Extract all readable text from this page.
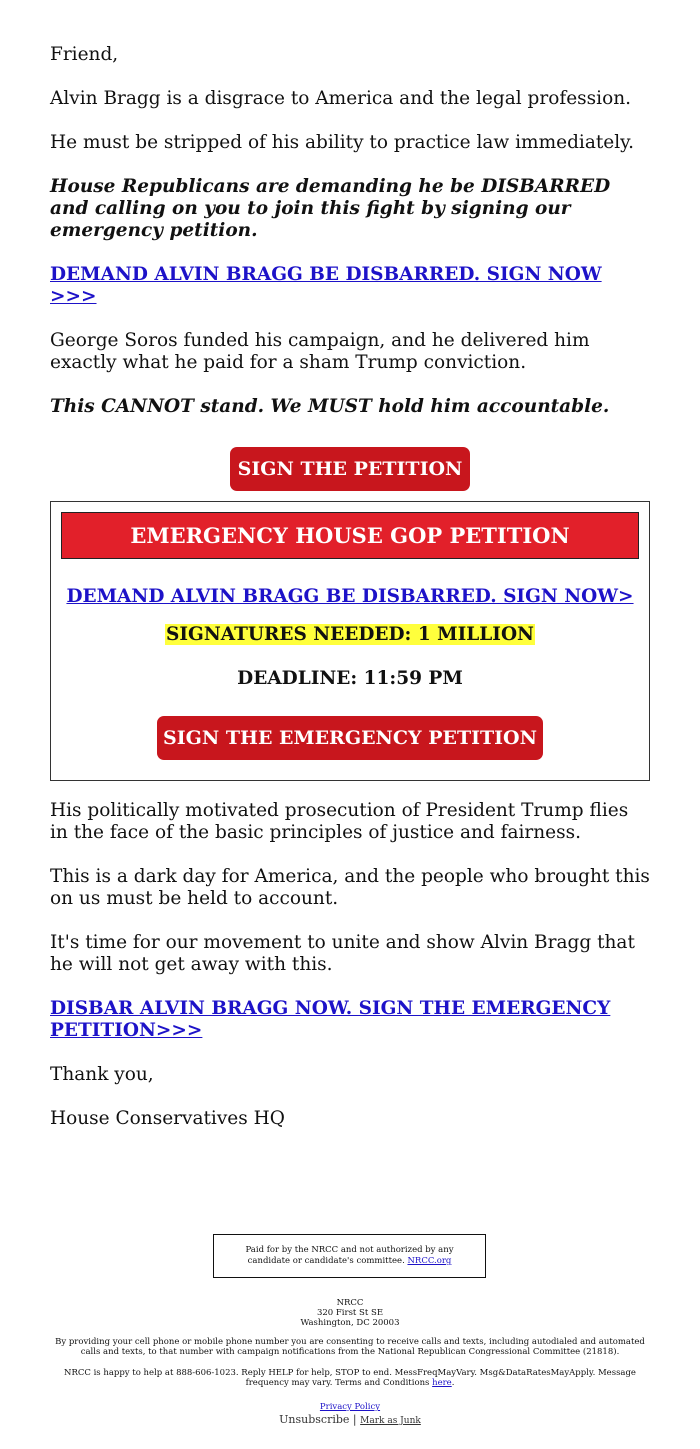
Friend,

Alvin Bragg is a disgrace to America and the legal profession.

He must be stripped of his ability to practice law immediately.

House Republicans are demanding he be DISBARRED and calling on you to join this fight by signing our emergency petition.

DEMAND ALVIN BRAGG BE DISBARRED. SIGN NOW >>>

George Soros funded his campaign, and he delivered him exactly what he paid for a sham Trump conviction.

This CANNOT stand. We MUST hold him accountable.

SIGN THE PETITION
EMERGENCY HOUSE GOP PETITION
DEMAND ALVIN BRAGG BE DISBARRED. SIGN NOW>
SIGNATURES NEEDED: 1 MILLION
DEADLINE: 11:59 PM
SIGN THE EMERGENCY PETITION

His politically motivated prosecution of President Trump flies in the face of the basic principles of justice and fairness.

This is a dark day for America, and the people who brought this on us must be held to account.

It's time for our movement to unite and show Alvin Bragg that he will not get away with this.

DISBAR ALVIN BRAGG NOW. SIGN THE EMERGENCY PETITION>>>

Thank you,

House Conservatives HQ

Paid for by the NRCC and not authorized by any candidate or candidate's committee. NRCC.org
NRCC
320 First St SE
Washington, DC 20003
By providing your cell phone or mobile phone number you are consenting to receive calls and texts, including autodialed and automated calls and texts, to that number with campaign notifications from the National Republican Congressional Committee (21818).
NRCC is happy to help at 888-606-1023. Reply HELP for help, STOP to end. MessFreqMayVary. Msg&DataRatesMayApply. Message frequency may vary. Terms and Conditions here.
Privacy Policy
Unsubscribe | Mark as Junk
